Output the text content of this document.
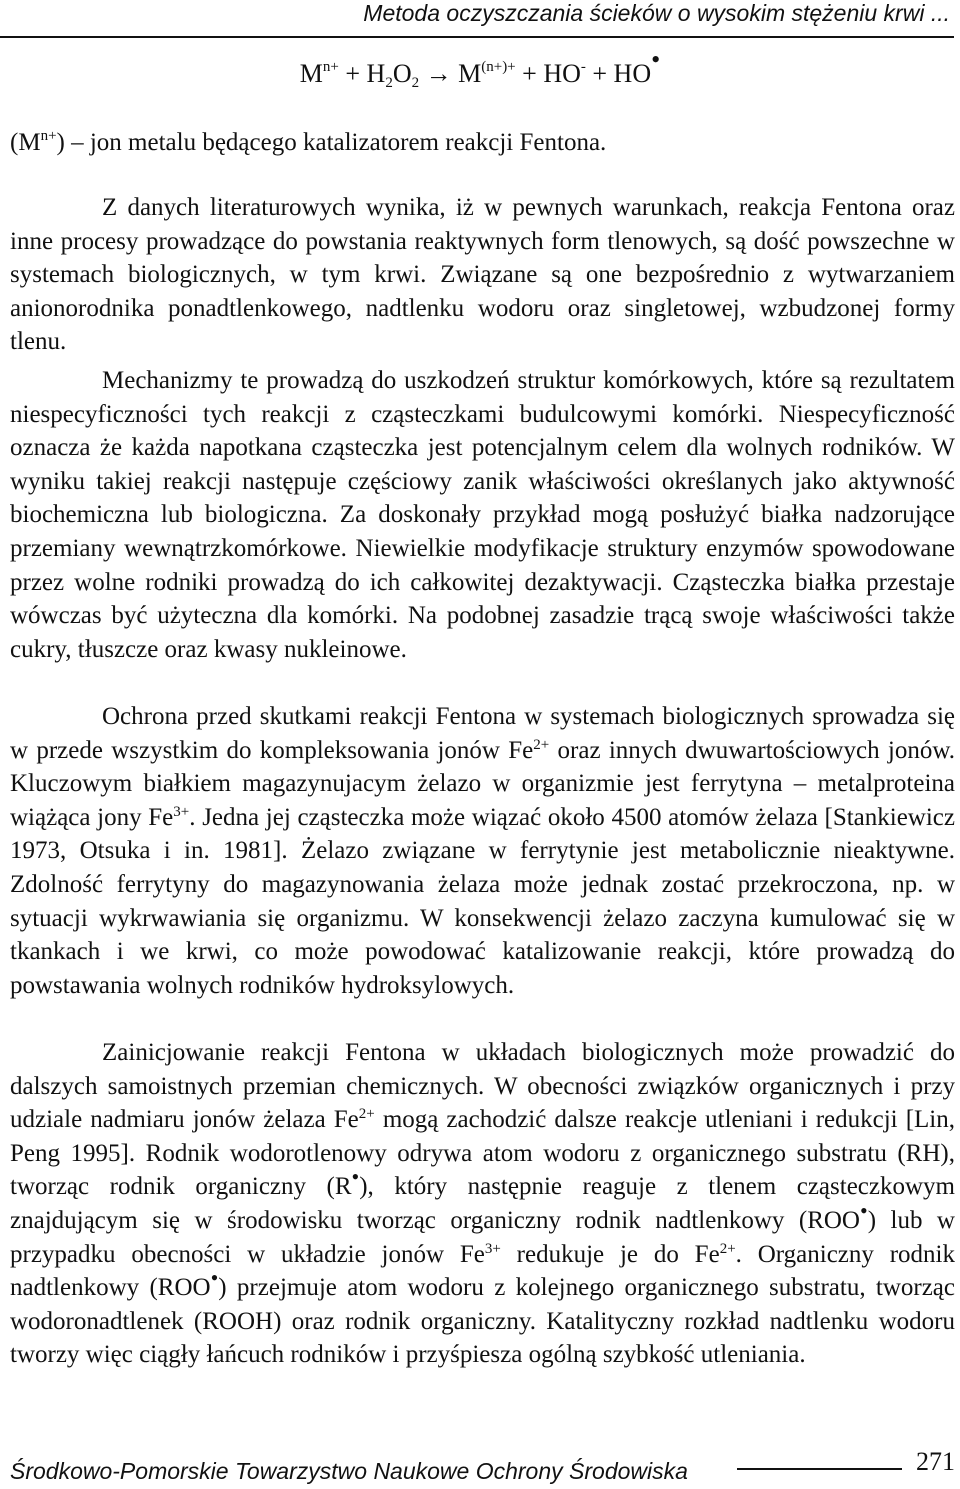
Metoda oczyszczania ścieków o wysokim stężeniu krwi ...
$M^{n+} + H_2O_2 \to M^{(n+)+} + HO^- + HO^•$
$(M^{n+})$ – jon metalu będącego katalizatorem reakcji Fentona.

Z danych literaturowych wynika, iż w pewnych warunkach, reakcja Fentona oraz inne procesy prowadzące do powstania reaktywnych form tlenowych, są dość powszechne w systemach biologicznych, w tym krwi. Związane są one bezpośrednio z wytwarzaniem anionorodnika ponadtlenkowego, nadtlenku wodoru oraz singletowej, wzbudzonej formy tlenu.

Mechanizmy te prowadzą do uszkodzeń struktur komórkowych, które są rezultatem niespecyficzności tych reakcji z cząsteczkami budulcowymi komórki. Niespecyficzność oznacza że każda napotkana cząsteczka jest potencjalnym celem dla wolnych rodników. W wyniku takiej reakcji następuje częściowy zanik właściwości określanych jako aktywność biochemiczna lub biologiczna. Za doskonały przykład mogą posłużyć białka nadzorujące przemiany wewnątrzkomórkowe. Niewielkie modyfikacje struktury enzymów spowodowane przez wolne rodniki prowadzą do ich całkowitej dezaktywacji. Cząsteczka białka przestaje wówczas być użyteczna dla komórki. Na podobnej zasadzie trącą swoje właściwości także cukry, tłuszcze oraz kwasy nukleinowe.

Ochrona przed skutkami reakcji Fentona w systemach biologicznych sprowadza się w przede wszystkim do kompleksowania jonów $Fe^{2+}$ oraz innych dwuwartościowych jonów. Kluczowym białkiem magazynujacym żelazo w organizmie jest ferrytyna – metalproteina wiążąca jony $Fe^{3+}$. Jedna jej cząsteczka może wiązać około 4500 atomów żelaza [Stankiewicz 1973, Otsuka i in. 1981]. Żelazo związane w ferrytynie jest metabolicznie nieaktywne. Zdolność ferrytyny do magazynowania żelaza może jednak zostać przekroczona, np. w sytuacji wykrwawiania się organizmu. W konsekwencji żelazo zaczyna kumulować się w tkankach i we krwi, co może powodować katalizowanie reakcji, które prowadzą do powstawania wolnych rodników hydroksylowych.

Zainicjowanie reakcji Fentona w układach biologicznych może prowadzić do dalszych samoistnych przemian chemicznych. W obecności związków organicznych i przy udziale nadmiaru jonów żelaza $Fe^{2+}$ mogą zachodzić dalsze reakcje utleniani i redukcji [Lin, Peng 1995]. Rodnik wodorotlenowy odrywa atom wodoru z organicznego substratu (RH), tworząc rodnik organiczny (R•), który następnie reaguje z tlenem cząsteczkowym znajdującym się w środowisku tworząc organiczny rodnik nadtlenkowy (ROO•) lub w przypadku obecności w układzie jonów $Fe^{3+}$ redukuje je do $Fe^{2+}$. Organiczny rodnik nadtlenkowy (ROO•) przejmuje atom wodoru z kolejnego organicznego substratu, tworząc wodoronadtlenek (ROOH) oraz rodnik organiczny. Katalityczny rozkład nadtlenku wodoru tworzy więc ciągły łańcuch rodników i przyśpiesza ogólną szybkość utleniania.

Środkowo-Pomorskie Towarzystwo Naukowe Ochrony Środowiska	271
